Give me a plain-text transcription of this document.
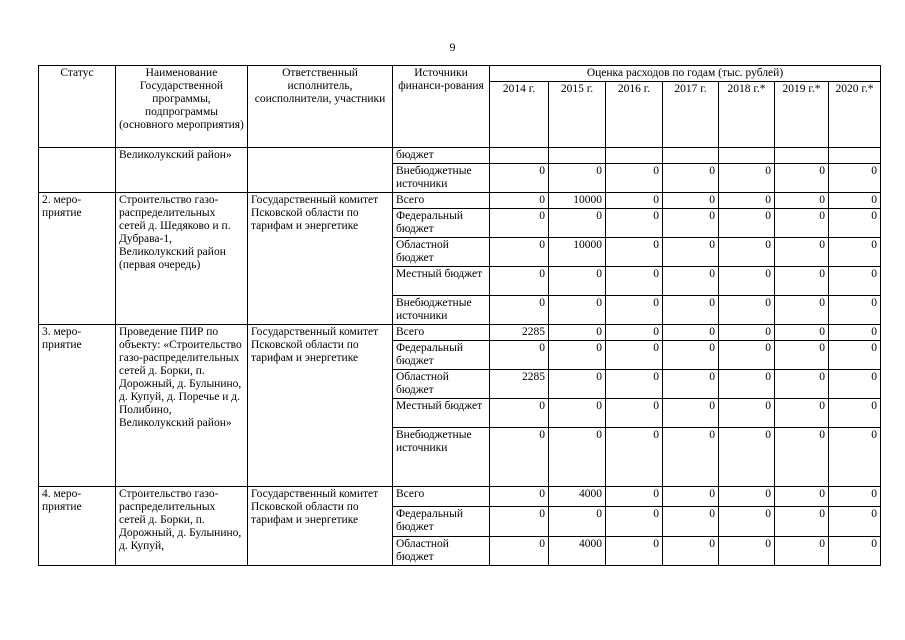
9
Статус	Наименование Государственной программы, подпрограммы (основного мероприятия)	Ответственный исполнитель, соисполнители, участники	Источники финанси-рования	Оценка расходов по годам (тыс. рублей)						
				2014 г.	2015 г.	2016 г.	2017 г.	2018 г.*	2019 г.*	2020 г.*
	Великолукский район»		бюджет							
			Внебюджетные источники	0	0	0	0	0	0	0
2. меро-приятие	Строительство газо-распределительных сетей д. Шедяково и п. Дубрава-1, Великолукский район (первая очередь)	Государственный комитет Псковской области по тарифам и энергетике	Всего	0	10000	0	0	0	0	0
			Федеральный бюджет	0	0	0	0	0	0	0
			Областной бюджет	0	10000	0	0	0	0	0
			Местный бюджет	0	0	0	0	0	0	0
			Внебюджетные источники	0	0	0	0	0	0	0
3. меро-приятие	Проведение ПИР по объекту: «Строительство газо-распределительных сетей д. Борки, п. Дорожный, д. Булынино, д. Купуй, д. Поречье и д. Полибино, Великолукский район»	Государственный комитет Псковской области по тарифам и энергетике	Всего	2285	0	0	0	0	0	0
			Федеральный бюджет	0	0	0	0	0	0	0
			Областной бюджет	2285	0	0	0	0	0	0
			Местный бюджет	0	0	0	0	0	0	0
			Внебюджетные источники	0	0	0	0	0	0	0
4. меро-приятие	Строительство газо-распределительных сетей д. Борки, п. Дорожный, д. Булынино, д. Купуй,	Государственный комитет Псковской области по тарифам и энергетике	Всего	0	4000	0	0	0	0	0
			Федеральный бюджет	0	0	0	0	0	0	0
			Областной бюджет	0	4000	0	0	0	0	0
